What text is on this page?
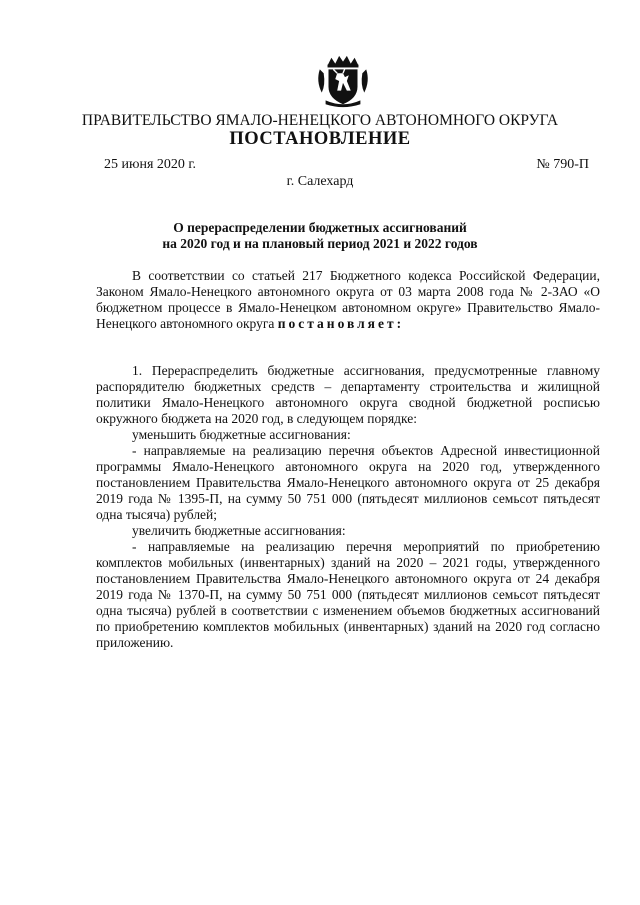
ПРАВИТЕЛЬСТВО ЯМАЛО-НЕНЕЦКОГО АВТОНОМНОГО ОКРУГА
ПОСТАНОВЛЕНИЕ
25 июня 2020 г.	№ 790-П
г. Салехард
О перераспределении бюджетных ассигнований
на 2020 год и на плановый период 2021 и 2022 годов

В соответствии со статьей 217 Бюджетного кодекса Российской Федерации, Законом Ямало-Ненецкого автономного округа от 03 марта 2008 года № 2-ЗАО «О бюджетном процессе в Ямало-Ненецком автономном округе» Правительство Ямало-Ненецкого автономного округа постановляет:

1. Перераспределить бюджетные ассигнования, предусмотренные главному распорядителю бюджетных средств – департаменту строительства и жилищной политики Ямало-Ненецкого автономного округа сводной бюджетной росписью окружного бюджета на 2020 год, в следующем порядке:

уменьшить бюджетные ассигнования:

- направляемые на реализацию перечня объектов Адресной инвестиционной программы Ямало-Ненецкого автономного округа на 2020 год, утвержденного постановлением Правительства Ямало-Ненецкого автономного округа от 25 декабря 2019 года № 1395-П, на сумму 50 751 000 (пятьдесят миллионов семьсот пятьдесят одна тысяча) рублей;

увеличить бюджетные ассигнования:

- направляемые на реализацию перечня мероприятий по приобретению комплектов мобильных (инвентарных) зданий на 2020 – 2021 годы, утвержденного постановлением Правительства Ямало-Ненецкого автономного округа от 24 декабря 2019 года № 1370-П, на сумму 50 751 000 (пятьдесят миллионов семьсот пятьдесят одна тысяча) рублей в соответствии с изменением объемов бюджетных ассигнований по приобретению комплектов мобильных (инвентарных) зданий на 2020 год согласно приложению.
